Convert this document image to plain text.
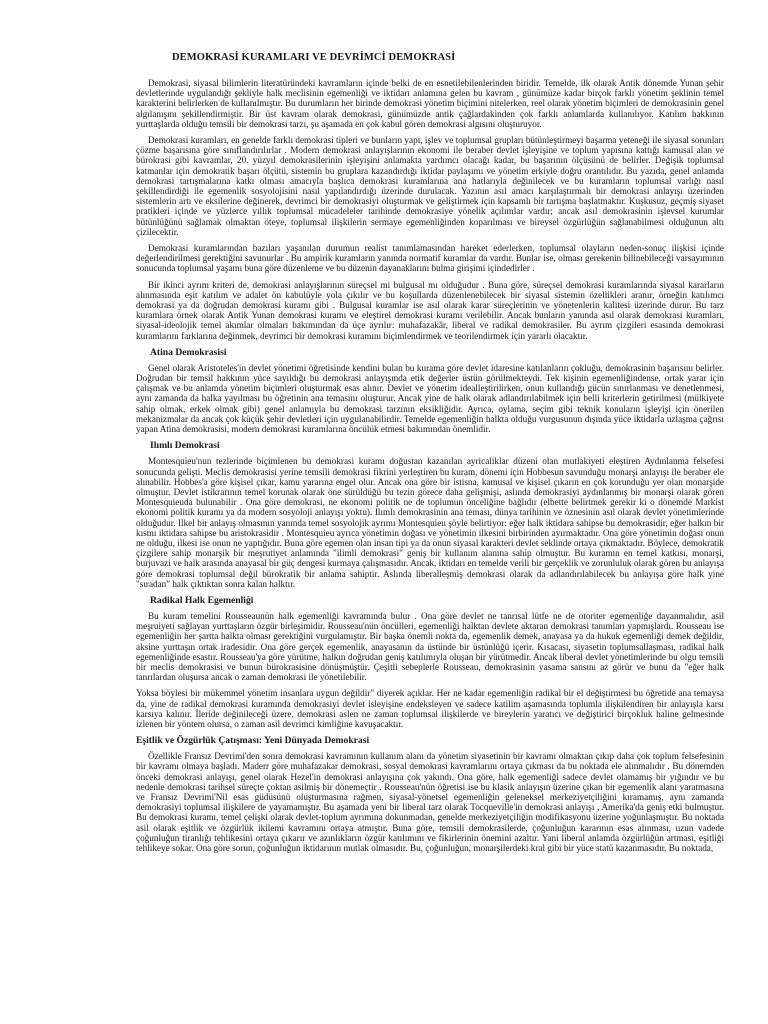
DEMOKRASİ KURAMLARI VE DEVRİMCİ DEMOKRASİ

Demokrasi, siyasal bilimlerin literatüründeki kavramların içinde belki de en esnetilebilenlerinden biridir. Temelde, ilk olarak Antik dönemde Yunan şehir devletlerinde uygulandığı şekliyle halk meclisinin egemenliği ve iktidarı anlamına gelen bu kavram , günümüze kadar birçok farklı yönetim şeklinin temel karakterini belirlerken de kullanılmıştır. Bu durumların her birinde demokrasi yönetim biçimini nitelerken, reel olarak yönetim biçimleri de demokrasinin genel algılanışını şekillendirmiştir. Bir üst kavram olarak demokrasi, günümüzde antik çağlardakinden çok farklı anlamlarda kullanılıyor. Katılım hakkının yurttaşlarda olduğu temsili bir demokrasi tarzı, şu aşamada en çok kabul gören demokrasi algısını oluşturuyor.

Demokrasi kuramları, en genelde farklı demokrasi tipleri ve bunların yapı, işlev ve toplumsal grupları bütünleştirmeyi başarma yeteneği ile siyasal sorunları çözme başarısına göre sınıflandırılırlar . Modern demokrasi anlayışlarının ekonomi ile beraber devlet işleyişine ve toplum yapısına kattığı kamusal alan ve bürokrasi gibi kavramlar, 20. yüzyıl demokrasilerinin işleyişini anlamakta yardımcı olacağı kadar, bu başarının ölçüsünü de belirler. Değişik toplumsal katmanlar için demokratik başarı ölçütü, sistemin bu gruplara kazandırdığı iktidar paylaşımı ve yönetim erkiyle doğru orantılıdır. Bu yazıda, genel anlamda demokrasi tartışmalarına katkı olması amacıyla başlıca demokrasi kuramlarına ana hatlarıyla değinilecek ve bu kuramların toplumsal varlığı nasıl şekillendirdiği ile egemenlik sosyolojisini nasıl yapılandırdığı üzerinde durulacak. Yazının asıl amacı karşılaştırmalı bir demokrasi anlayışı üzerinden sistemlerin artı ve eksilerine değinerek, devrimci bir demokrasiyi oluşturmak ve geliştirmek için kapsamlı bir tartışma başlatmaktır. Kuşkusuz, geçmiş siyaset pratikleri içinde ve yüzlerce yıllık toplumsal mücadeleler tarihinde demokrasiye yönelik açılımlar vardır; ancak asıl demokrasinin işlevsel kurumlar bütünlüğünü sağlamak olmaktan öteye, toplumsal ilişkilerin sermaye egemenliğinden koparılması ve bireysel özgürlüğün sağlanabilmesi olduğunun altı çizilecektir.

Demokrasi kuramlarından bazıları yaşanılan durumun realist tanımlamasından hareket ederlerken, toplumsal olayların neden-sonuç ilişkisi içinde değerlendirilmesi gerektiğini savunurlar . Bu ampirik kuramların yanında normatif kuramlar da vardır. Bunlar ise, olması gerekenin bilinebileceği varsayımının sonucunda toplumsal yaşamı buna göre düzenleme ve bu düzenin dayanaklarını bulma girişimi içindedirler .

Bir ikinci ayrım kriteri de, demokrasi anlayışlarının süreçsel mi bulgusal mı olduğudur . Buna göre, süreçsel demokrasi kuramlarında siyasal kararların alınmasında eşit katılım ve adalet ön kabulüyle yola çıkılır ve bu koşullarda düzenlenebilecek bir siyasal sistemin özellikleri aranır, örneğin katılımcı demokrasi ya da doğrudan demokrasi kuramı gibi . Bulgusal kuramlar ise asıl olarak karar süreçlerinin ve yönetenlerin kalitesi üzerinde durur. Bu tarz kuramlara örnek olarak Antik Yunan demokrasi kuramı ve eleştirel demokrasi kuramı verilebilir. Ancak bunların yanında asıl olarak demokrasi kuramları, siyasal-ideolojik temel akımlar olmaları bakımından da üçe ayrılır: muhafazakâr, liberal ve radikal demokrasiler. Bu ayrım çizgileri esasında demokrasi kuramlarını farklarına değinmek, devrimci bir demokrasi kuramını biçimlendirmek ve teorilendirmek için yararlı olacaktır.

Atina Demokrasisi

Genel olarak Aristoteles'in devlet yönetimi öğretisinde kendini bulan bu kurama göre devlet idaresine katılanların çokluğu, demokrasinin başarısını belirler. Doğrudan bir temsil hakkının yüce sayıldığı bu demokrasi anlayışında etik değerler üstün görülmekteydi. Tek kişinin egemenliğindense, ortak yarar için çalışmak ve bu anlamda yönetim biçimleri oluşturmak esas alınır. Devlet ve yönetim idealleştirilirken, onun kullandığı gücün sınırlanması ve denetlenmesi, aynı zamanda da halka yayılması bu öğretinin ana temasını oluşturur. Ancak yine de halk olarak adlandırılabilmek için belli kriterlerin getirilmesi (mülkiyete sahip olmak, erkek olmak gibi) genel anlamıyla bu demokrasi tarzının eksikliğidir. Ayrıca, oylama, seçim gibi teknik konuların işleyişi için önerilen mekanizmalar da ancak çok küçük şehir devletleri için uygulanabilirdir. Temelde egemenliğin halkta olduğu vurgusunun dışında yüce iktidarla uzlaşma çağrısı yapan Atina demokrasisi, modern demokrasi kuramlarına öncülük etmesi bakımından önemlidir.

Ilımlı Demokrasi

Montesquieu'nun tezlerinde biçimlenen bu demokrasi kuramı doğustan kazanılan ayricaliklar düzeni olan mutlakiyeti eleştiren Aydınlanma felsefesi sonucunda gelişti. Meclis demokrasisi yerine temsili demokrasi fikrini yerleştiren bu kuram, dönemi için Hobbesun savunduğu monarşi anlayışı ile beraber ele alınabilir. Hobbes'a göre kişisel çıkar, kamu yararına engel olur. Ancak ona göre bir istisna, kamusal ve kişisel çıkarın en çok korunduğu yer olan monarşide olmuştur. Devlet istikrarının temel korunak olarak öne sürüldüğü bu tezin görece daha gelişmişi, aslında demokrasiyi aydınlanmış bir monarşi olarak gören Montesquieuda bulunabilir . Ona göre demokrasi, ne ekonomi politik ne de toplumun önceliğine bağlıdır (elbette belirtmek gerekir ki o dönemde Markist ekonomi politik kuramı ya da modern sosyoloji anlayışı yoktu). Ilımlı demokrasinin ana teması, dünya tarihinin ve öznesinin asıl olarak devlet yönetimlerinde olduğudur. Ilkel bir anlayış olmasının yanında temel sosyolojik ayrımı Montesquieu şöyle belirtiyor: eğer halk iktidara sahipse bu demokrasidir, eğer halkın bir kısmı iktidara sahipse bu aristokrasidir . Montesquieu ayrıca yönetimin doğası ve yönetimin ilkesini birbirinden ayırmaktadır. Ona göre yönetimin doğası onun ne olduğu, ilkesi ise onun ne yaptığıdır. Buna göre egemen olan insan tipi ya da onun siyasal karakteri devlet seklinde ortaya çıkmaktadır. Böylece, demokratik çizgilere sahip monarşik bir meşrutiyet anlamında "ilimli demokrasi" geniş bir kullanım alanına sahip olmuştur. Bu kuramın en temel katkısı, monarşi, burjuvazi ve halk arasında anayasal bir güç dengesi kurmaya çalışmasıdır. Ancak, iktidarı en temelde verili bir gerçeklik ve zorunluluk olarak gören bu anlayışa göre demokrasi toplumsal değil bürokratik bir anlama sahiptir. Aslında liberalleşmiş demokrasi olarak da adlandırılabilecek bu anlayışa göre halk yine "sıradan" halk çıktıktan sonra kalan halktır.

Radikal Halk Egemenliği

Bu kuram temelini Rousseaunün halk egemenliği kavramında bulur . Ona göre devlet ne tanrısal lütfe ne de otoriter egemenliğe dayanmalıdır, asil meşruiyeti sağlayan yurttaşların özgür birleşimidir. Rousseau'nün öncülleri, egemenliği halktan devlete aktaran demokrasi tanımları yapmışlardı. Rousseau ise egemenliğin her şartta halkta olması gerektiğini vurgulamıştır. Bir başka önemli nokta da, egemenlik demek, anayasa ya da hukuk egemenliği demek değildir, aksine yurttaşın ortak iradesidir. Ona göre gerçek egemenlik, anayasanın da üstünde bir üstünlüğü içerir. Kısacası, siyasetin toplumsallaşması, radikal halk egemenliğinde esastır. Rousseau'ya göre yürütme, halkın doğrudan geniş katılımıyla oluşan bir yürütmedir. Ancak liberal devlet yönetimlerinde bu olgu temsili bir meclis demokrasisi ve bunun bürokrasisine dönüşmüştür. Çeşitli sebeplerle Rousseau, demokrasinin yasama sansını az görür ve bunu da "eğer halk tanrılardan oluşursa ancak o zaman demokrasi ile yönetilebilir.

Yoksa böylesi bir mükemmel yönetim insanlara uygun değildir" diyerek açıklar. Her ne kadar egemenliğin radikal bir el değiştirmesi bu öğretide ana temaysa da, yine de radikal demokrasi kuramında demokrasiyi devlet isleyişine endeksleyen ve sadece katilim aşamasında toplumla ilişkilendiren bir anlayışla karsı karsıya kalınır. İleride değinileceği üzere, demokrasi aslen ne zaman toplumsal ilişkilerde ve bireylerin yaratıcı ve değiştirici birçokluk haline gelmesinde izlenen bir yöntem olursa, o zaman asil devrimci kimliğine kavuşacaktır.

Eşitlik ve Özgürlük Çatışması: Yeni Dünyada Demokrasi

Özellikle Fransız Devrimi'den sonra demokrasi kavramının kullanım alanı da yönetim siyasetinin bir kavramı olmaktan çıkıp daha çok toplum felsefesinin bir kavramı olmaya başladı. Maderr göre muhafazakar demokrasi, sosyal demokrasi kavramlarını ortaya çıkması da bu noktada ele alınmalıdır . Bu dönemden önceki demokrasi anlayışı, genel olarak Hezel'in demokrasi anlayışına çok yakındı. Ona göre, halk egemenliği sadece devlet olamamış bir yığındır ve bu nedenle demokrasi tarihsel süreçte çoktan asilmiş bir dönemeçtir . Rousseau'nün öğretisi ise bu klasik anlayışın üzerine çıkan bir egemenlik alanı yaratmasına ve Fransız Devrimi'Nil esas güdüsünü oluşturmasına rağmen, siyasal-yönetsel egemenliğin geleneksel merkeziyetçiliğini kıramamış, aynı zamanda demokrasiyi toplumsal ilişkilere de yayamamıştır. Bu aşamada yeni bir liberal tarz olarak Tocqueville'in demokrasi anlayışı , Amerika'da geniş etki bulmuştur. Bu demokrasi kuramı, temel çelişki olarak devlet-toplum ayrımına dokunmadan, genelde merkeziyetçiliğin modifikasyonu üzerine yoğunlaşmıştır. Bu noktada asil olarak eşitlik ve özgürlük ikilemi kavramını ortaya atmıştır. Buna göre, temsili demokrasilerde, çoğunluğun kararının esas alınması, uzun vadede çoğunluğun tiranlığı tehlikesini ortaya çıkarır ve azınlıkların özgür katılımını ve fikirlerinin önemini azaltır. Yani liberal anlamda özgürlüğün artması, eşitliği tehlikeye sokar. Ona göre sorun, çoğunluğun iktidarının mutlak olmasıdır. Bu, çoğunluğun, monarşilerdeki kral gibi bir yüce statü kazanmasıdır. Bu noktada,
